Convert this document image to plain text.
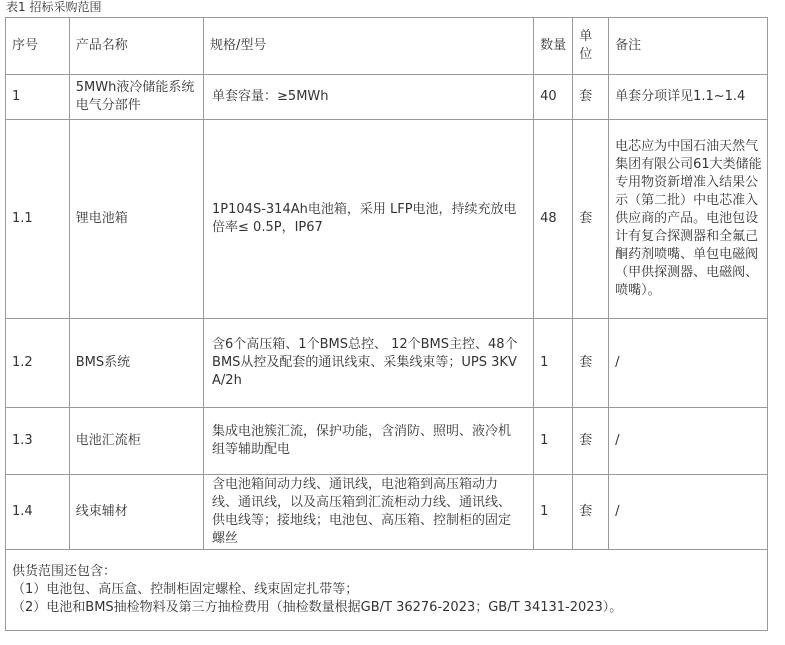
表1 招标采购范围
序号	产品名称	规格/型号	数量	单位	备注
1	5MWh液冷储能系统电气分部件	单套容量：≥5MWh	40	套	单套分项详见1.1~1.4
1.1	锂电池箱	1P104S-314Ah电池箱，采用 LFP电池，持续充放电倍率≤ 0.5P，IP67	48	套	电芯应为中国石油天然气集团有限公司61大类储能专用物资新增准入结果公示（第二批）中电芯准入供应商的产品。电池包设计有复合探测器和全氟己酮药剂喷嘴、单包电磁阀（甲供探测器、电磁阀、喷嘴）。
1.2	BMS系统	含6个高压箱、1个BMS总控、 12个BMS主控、48个BMS从控及配套的通讯线束、采集线束等；UPS 3KVA/2h	1	套	/
1.3	电池汇流柜	集成电池簇汇流，保护功能，含消防、照明、液冷机组等辅助配电	1	套	/
1.4	线束辅材	含电池箱间动力线、通讯线，电池箱到高压箱动力线、通讯线，以及高压箱到汇流柜动力线、通讯线、供电线等；接地线；电池包、高压箱、控制柜的固定螺丝	1	套	/

供货范围还包含：
（1）电池包、高压盒、控制柜固定螺栓、线束固定扎带等；
（2）电池和BMS抽检物料及第三方抽检费用（抽检数量根据GB/T 36276-2023；GB/T 34131-2023）。					
